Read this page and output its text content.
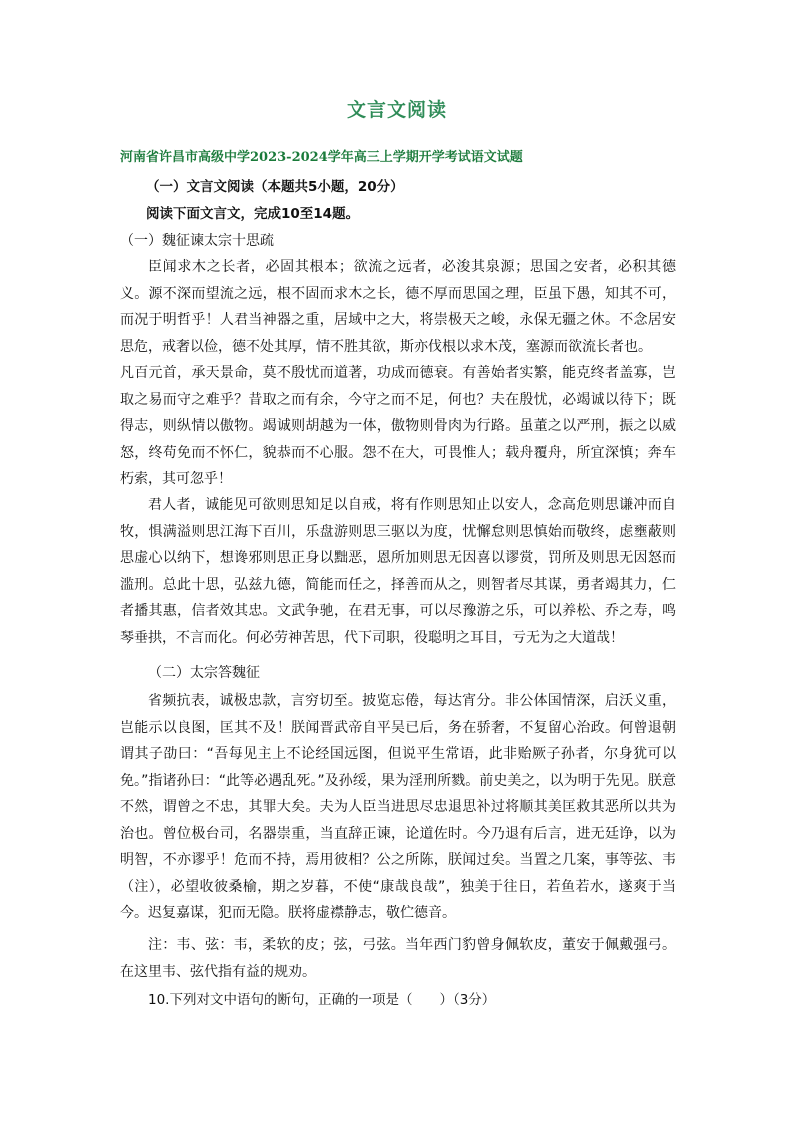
文言文阅读
河南省许昌市高级中学2023-2024学年高三上学期开学考试语文试题
（一）文言文阅读（本题共5小题，20分）
阅读下面文言文，完成10至14题。
（一）魏征谏太宗十思疏

臣闻求木之长者，必固其根本；欲流之远者，必浚其泉源；思国之安者，必积其德义。源不深而望流之远，根不固而求木之长，德不厚而思国之理，臣虽下愚，知其不可，而况于明哲乎！人君当神器之重，居域中之大，将崇极天之峻，永保无疆之休。不念居安思危，戒奢以俭，德不处其厚，情不胜其欲，斯亦伐根以求木茂，塞源而欲流长者也。

凡百元首，承天景命，莫不殷忧而道著，功成而德衰。有善始者实繁，能克终者盖寡，岂取之易而守之难乎？昔取之而有余，今守之而不足，何也？夫在殷忧，必竭诚以待下；既得志，则纵情以傲物。竭诚则胡越为一体，傲物则骨肉为行路。虽董之以严刑，振之以威怒，终苟免而不怀仁，貌恭而不心服。怨不在大，可畏惟人；载舟覆舟，所宜深慎；奔车朽索，其可忽乎！

君人者，诚能见可欲则思知足以自戒，将有作则思知止以安人，念高危则思谦冲而自牧，惧满溢则思江海下百川，乐盘游则思三驱以为度，忧懈怠则思慎始而敬终，虑壅蔽则思虚心以纳下，想谗邪则思正身以黜恶，恩所加则思无因喜以谬赏，罚所及则思无因怒而滥刑。总此十思，弘兹九德，简能而任之，择善而从之，则智者尽其谋，勇者竭其力，仁者播其惠，信者效其忠。文武争驰，在君无事，可以尽豫游之乐，可以养松、乔之寿，鸣琴垂拱，不言而化。何必劳神苦思，代下司职，役聪明之耳目，亏无为之大道哉！

（二）太宗答魏征

省频抗表，诚极忠款，言穷切至。披览忘倦，每达宵分。非公体国情深，启沃义重，岂能示以良图，匡其不及！朕闻晋武帝自平吴已后，务在骄奢，不复留心治政。何曾退朝谓其子劭曰：“吾每见主上不论经国远图，但说平生常语，此非贻厥子孙者，尔身犹可以免。”指诸孙曰：“此等必遇乱死。”及孙绥，果为淫刑所戮。前史美之，以为明于先见。朕意不然，谓曾之不忠，其罪大矣。夫为人臣当进思尽忠退思补过将顺其美匡救其恶所以共为治也。曾位极台司，名器崇重，当直辞正谏，论道佐时。今乃退有后言，进无廷诤，以为明智，不亦谬乎！危而不持，焉用彼相？公之所陈，朕闻过矣。当置之几案，事等弦、韦（注），必望收彼桑榆，期之岁暮，不使“康哉良哉”，独美于往日，若鱼若水，遂爽于当今。迟复嘉谋，犯而无隐。朕将虚襟静志，敬伫德音。

注：韦、弦：韦，柔软的皮；弦，弓弦。当年西门豹曾身佩软皮，董安于佩戴强弓。在这里韦、弦代指有益的规劝。

10.下列对文中语句的断句，正确的一项是（　　）（3分）
